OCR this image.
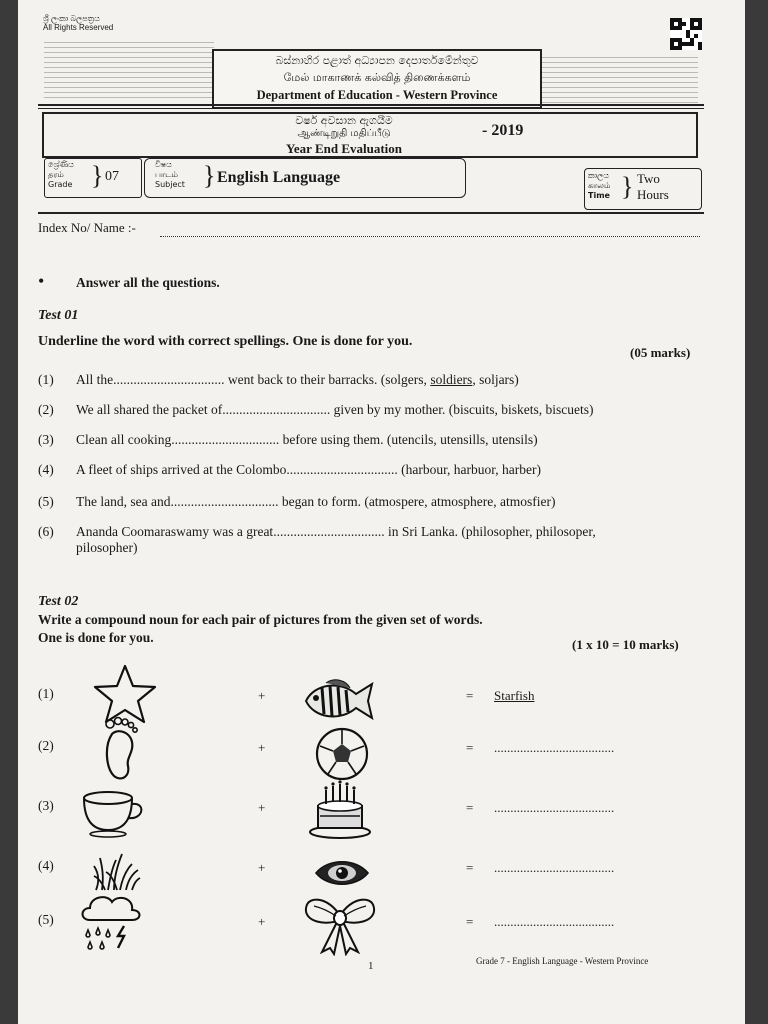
ශ්‍රී ලංකා බලපත්‍රය
All Rights Reserved
බස්නාහිර පළාත් අධ්‍යාපන දෙපාර්තමේන්තුව
மேல் மாகாணக் கல்வித் திணைக்களம்
Department of Education - Western Province
වර්ෂ අවසාන ඇගයීම
ஆண்டிறுதி மதிப்பீடு
Year End Evaluation
- 2019
ශ්‍රේණිය
தரம்
Grade } 07
විෂය
பாடம்
Subject } English Language	කාලය
காலம்
Time } Two
Hours
Index No/ Name :-
• Answer all the questions.
Test 01
Underline the word with correct spellings. One is done for you.
(05 marks)
(1) All the................................. went back to their barracks. (solgers, soldiers, soljars)
(2) We all shared the packet of................................ given by my mother. (biscuits, biskets, biscuets)
(3) Clean all cooking................................ before using them. (utencils, utensills, utensils)
(4) A fleet of ships arrived at the Colombo................................. (harbour, harbuor, harber)
(5) The land, sea and................................ began to form. (atmospere, atmosphere, atmosfier)
(6) Ananda Coomaraswamy was a great................................. in Sri Lanka. (philosopher, philosoper,
pilosopher)
Test 02
Write a compound noun for each pair of pictures from the given set of words.
One is done for you.	(1 x 10 = 10 marks)
(1)	+	= Starfish
(2)	+	= .....................................
(3)	+	= .....................................
(4)	+	= .....................................
(5)	+	= .....................................
1	Grade 7 - English Language - Western Province
